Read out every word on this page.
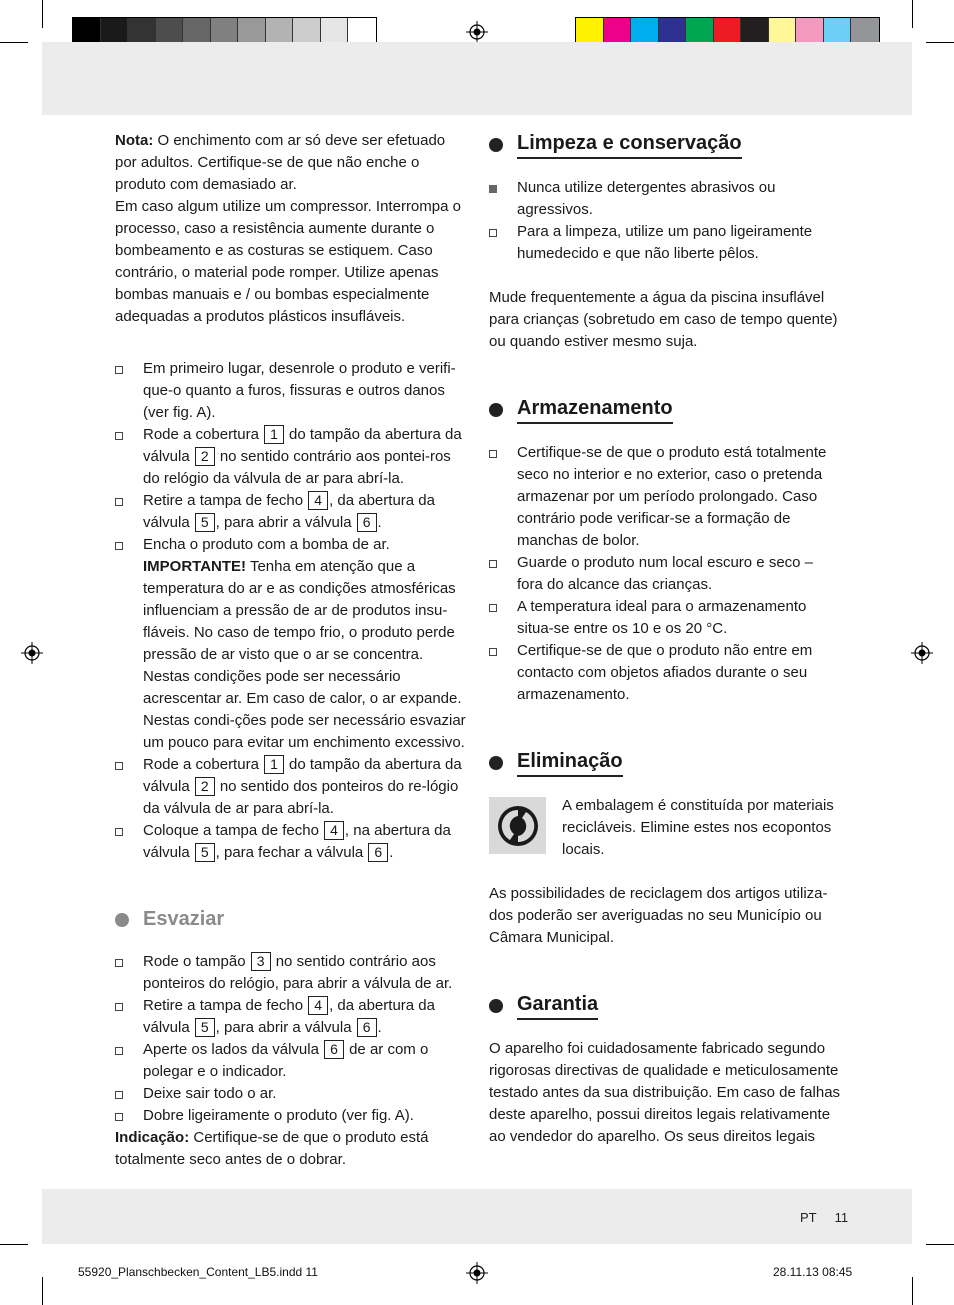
Nota: O enchimento com ar só deve ser efetuado por adultos. Certifique-se de que não enche o produto com demasiado ar.

Em caso algum utilize um compressor. Interrompa o processo, caso a resistência aumente durante o bombeamento e as costuras se estiquem. Caso contrário, o material pode romper. Utilize apenas bombas manuais e / ou bombas especialmente adequadas a produtos plásticos insufláveis.

Em primeiro lugar, desenrole o produto e verifi-que-o quanto a furos, fissuras e outros danos (ver fig. A).
Rode a cobertura 1 do tampão da abertura da válvula 2 no sentido contrário aos pontei-ros do relógio da válvula de ar para abrí-la.
Retire a tampa de fecho 4 , da abertura da válvula 5 , para abrir a válvula 6 .
Encha o produto com a bomba de ar.
IMPORTANTE! Tenha em atenção que a temperatura do ar e as condições atmosféricas influenciam a pressão de ar de produtos insu-fláveis. No caso de tempo frio, o produto perde pressão de ar visto que o ar se concentra. Nestas condições pode ser necessário acrescentar ar. Em caso de calor, o ar expande. Nestas condi-ções pode ser necessário esvaziar um pouco para evitar um enchimento excessivo.
Rode a cobertura 1 do tampão da abertura da válvula 2 no sentido dos ponteiros do re-lógio da válvula de ar para abrí-la.
Coloque a tampa de fecho 4 , na abertura da válvula 5 , para fechar a válvula 6 .
Esvaziar
Rode o tampão 3 no sentido contrário aos ponteiros do relógio, para abrir a válvula de ar.
Retire a tampa de fecho 4 , da abertura da válvula 5 , para abrir a válvula 6 .
Aperte os lados da válvula 6 de ar com o polegar e o indicador.
Deixe sair todo o ar.
Dobre ligeiramente o produto (ver fig. A).

Indicação: Certifique-se de que o produto está totalmente seco antes de o dobrar.

Limpeza e conservação
Nunca utilize detergentes abrasivos ou agressivos.
Para a limpeza, utilize um pano ligeiramente humedecido e que não liberte pêlos.

Mude frequentemente a água da piscina insuflável para crianças (sobretudo em caso de tempo quente) ou quando estiver mesmo suja.

Armazenamento
Certifique-se de que o produto está totalmente seco no interior e no exterior, caso o pretenda armazenar por um período prolongado. Caso contrário pode verificar-se a formação de manchas de bolor.
Guarde o produto num local escuro e seco – fora do alcance das crianças.
A temperatura ideal para o armazenamento situa-se entre os 10 e os 20 °C.
Certifique-se de que o produto não entre em contacto com objetos afiados durante o seu armazenamento.
Eliminação

A embalagem é constituída por materiais recicláveis. Elimine estes nos ecopontos locais.

As possibilidades de reciclagem dos artigos utiliza-dos poderão ser averiguadas no seu Município ou Câmara Municipal.

Garantia

O aparelho foi cuidadosamente fabricado segundo rigorosas directivas de qualidade e meticulosamente testado antes da sua distribuição. Em caso de falhas deste aparelho, possui direitos legais relativamente ao vendedor do aparelho. Os seus direitos legais

PT 11
55920_Planschbecken_Content_LB5.indd 11	28.11.13 08:45
